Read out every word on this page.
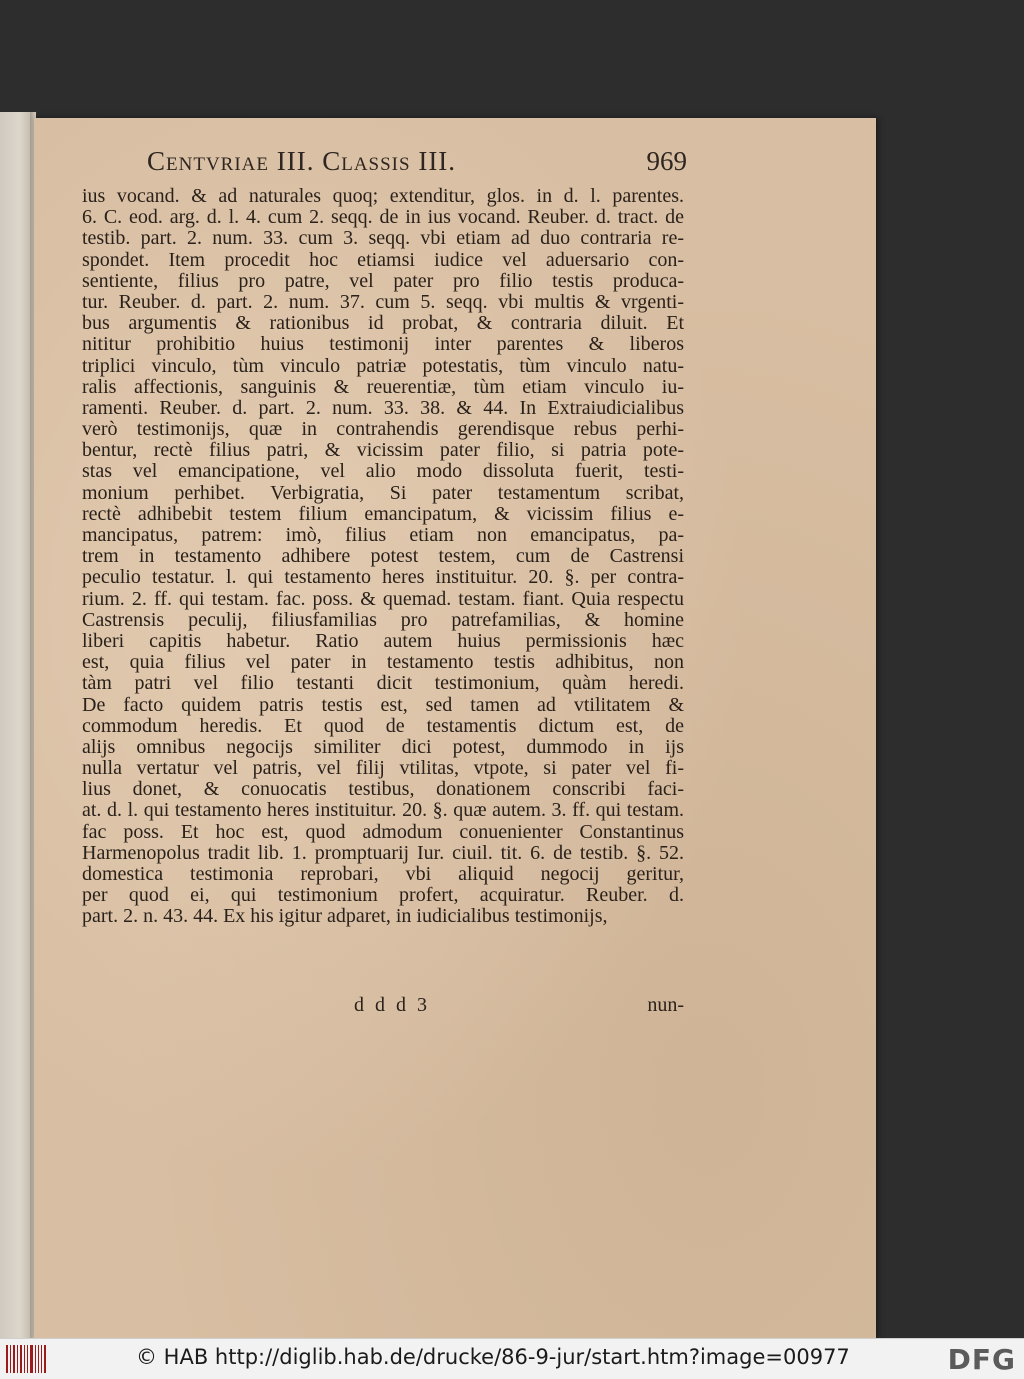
Centvriae III. Classis III.	969
ius vocand. & ad naturales quoq; extenditur, glos. in d. l. parentes.
6. C. eod. arg. d. l. 4. cum 2. seqq. de in ius vocand. Reuber. d. tract. de
testib. part. 2. num. 33. cum 3. seqq. vbi etiam ad duo contraria re-
spondet. Item procedit hoc etiamsi iudice vel aduersario con-
sentiente, filius pro patre, vel pater pro filio testis produca-
tur. Reuber. d. part. 2. num. 37. cum 5. seqq. vbi multis & vrgenti-
bus argumentis & rationibus id probat, & contraria diluit. Et
nititur prohibitio huius testimonij inter parentes & liberos
triplici vinculo, tùm vinculo patriæ potestatis, tùm vinculo natu-
ralis affectionis, sanguinis & reuerentiæ, tùm etiam vinculo iu-
ramenti. Reuber. d. part. 2. num. 33. 38. & 44. In Extraiudicialibus
verò testimonijs, quæ in contrahendis gerendisque rebus perhi-
bentur, rectè filius patri, & vicissim pater filio, si patria pote-
stas vel emancipatione, vel alio modo dissoluta fuerit, testi-
monium perhibet. Verbigratia, Si pater testamentum scribat,
rectè adhibebit testem filium emancipatum, & vicissim filius e-
mancipatus, patrem: imò, filius etiam non emancipatus, pa-
trem in testamento adhibere potest testem, cum de Castrensi
peculio testatur. l. qui testamento heres instituitur. 20. §. per contra-
rium. 2. ff. qui testam. fac. poss. & quemad. testam. fiant. Quia respectu
Castrensis peculij, filiusfamilias pro patrefamilias, & homine
liberi capitis habetur. Ratio autem huius permissionis hæc
est, quia filius vel pater in testamento testis adhibitus, non
tàm patri vel filio testanti dicit testimonium, quàm heredi.
De facto quidem patris testis est, sed tamen ad vtilitatem &
commodum heredis. Et quod de testamentis dictum est, de
alijs omnibus negocijs similiter dici potest, dummodo in ijs
nulla vertatur vel patris, vel filij vtilitas, vtpote, si pater vel fi-
lius donet, & conuocatis testibus, donationem conscribi faci-
at. d. l. qui testamento heres instituitur. 20. §. quæ autem. 3. ff. qui testam.
fac poss. Et hoc est, quod admodum conuenienter Constantinus
Harmenopolus tradit lib. 1. promptuarij Iur. ciuil. tit. 6. de testib. §. 52.
domestica testimonia reprobari, vbi aliquid negocij geritur,
per quod ei, qui testimonium profert, acquiratur. Reuber. d.
part. 2. n. 43. 44. Ex his igitur adparet, in iudicialibus testimonijs,
d d d 3	nun-
© HAB http://diglib.hab.de/drucke/86-9-jur/start.htm?image=00977	DFG
